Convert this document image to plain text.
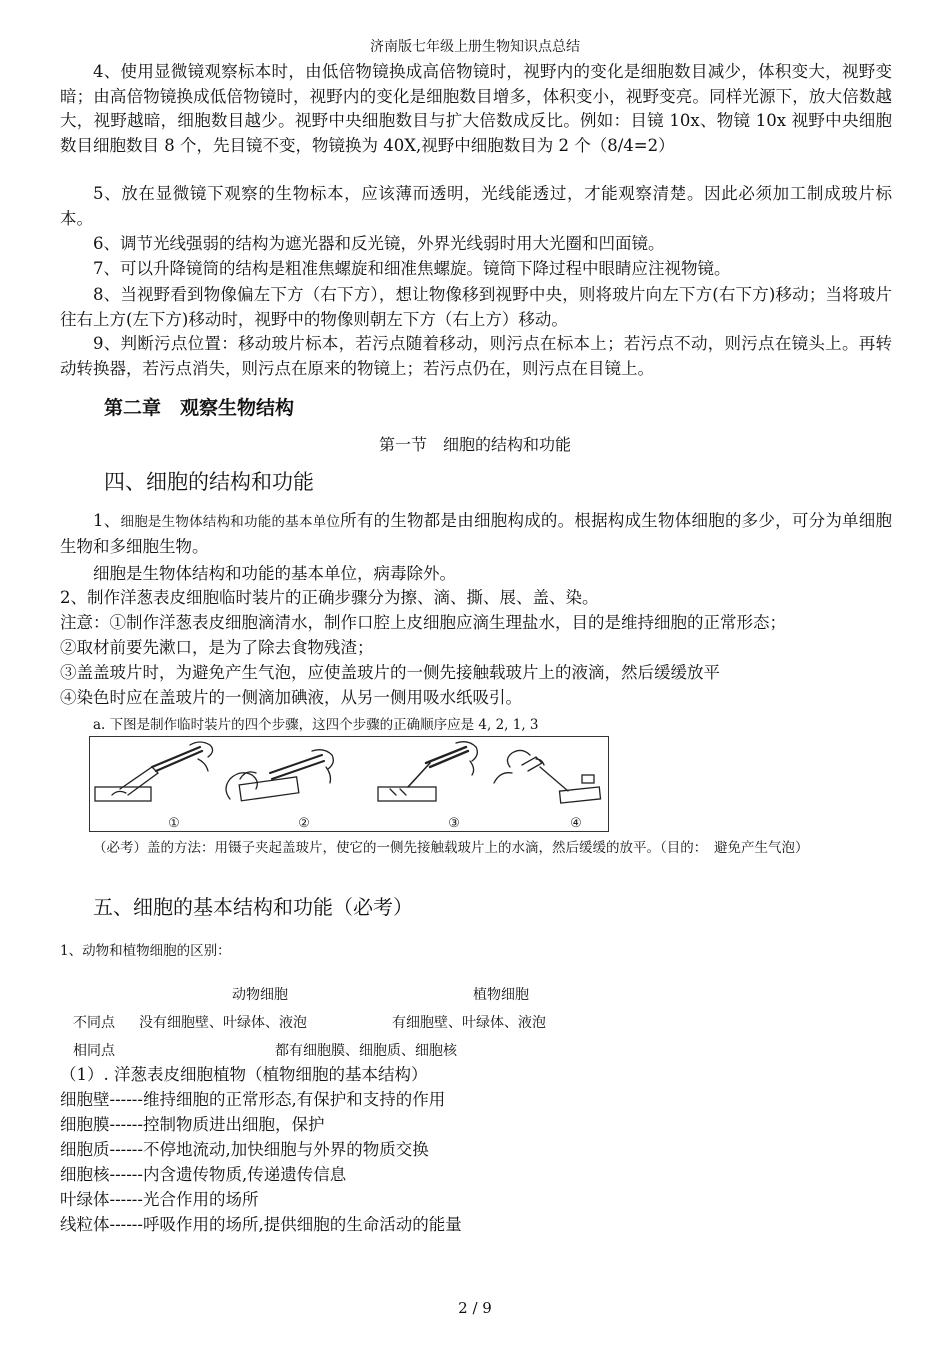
济南版七年级上册生物知识点总结

4、使用显微镜观察标本时，由低倍物镜换成高倍物镜时，视野内的变化是细胞数目减少，体积变大，视野变暗；由高倍物镜换成低倍物镜时，视野内的变化是细胞数目增多，体积变小，视野变亮。同样光源下，放大倍数越大，视野越暗，细胞数目越少。视野中央细胞数目与扩大倍数成反比。例如：目镜 10x、物镜 10x 视野中央细胞数目细胞数目 8 个，先目镜不变，物镜换为 40X,视野中细胞数目为 2 个（8/4=2）

5、放在显微镜下观察的生物标本，应该薄而透明，光线能透过，才能观察清楚。因此必须加工制成玻片标本。

6、调节光线强弱的结构为遮光器和反光镜，外界光线弱时用大光圈和凹面镜。

7、可以升降镜筒的结构是粗准焦螺旋和细准焦螺旋。镜筒下降过程中眼睛应注视物镜。

8、当视野看到物像偏左下方（右下方），想让物像移到视野中央，则将玻片向左下方(右下方)移动；当将玻片往右上方(左下方)移动时，视野中的物像则朝左下方（右上方）移动。

9、判断污点位置：移动玻片标本，若污点随着移动，则污点在标本上；若污点不动，则污点在镜头上。再转动转换器，若污点消失，则污点在原来的物镜上；若污点仍在，则污点在目镜上。

第二章　观察生物结构
第一节　细胞的结构和功能
四、细胞的结构和功能

1、细胞是生物体结构和功能的基本单位所有的生物都是由细胞构成的。根据构成生物体细胞的多少，可分为单细胞生物和多细胞生物。

细胞是生物体结构和功能的基本单位，病毒除外。
2、制作洋葱表皮细胞临时装片的正确步骤分为擦、滴、撕、展、盖、染。
注意：①制作洋葱表皮细胞滴清水，制作口腔上皮细胞应滴生理盐水，目的是维持细胞的正常形态；
②取材前要先漱口，是为了除去食物残渣；
③盖盖玻片时，为避免产生气泡，应使盖玻片的一侧先接触载玻片上的液滴，然后缓缓放平
④染色时应在盖玻片的一侧滴加碘液，从另一侧用吸水纸吸引。
a. 下图是制作临时装片的四个步骤，这四个步骤的正确顺序应是 4, 2, 1, 3
①	②	③	④

（必考）盖的方法：用镊子夹起盖玻片，使它的一侧先接触载玻片上的水滴，然后缓缓的放平。（目的：　避免产生气泡）

五、细胞的基本结构和功能（必考）
1、动物和植物细胞的区别：
动物细胞	植物细胞
不同点 没有细胞壁、叶绿体、液泡	有细胞壁、叶绿体、液泡
相同点	都有细胞膜、细胞质、细胞核
（1）. 洋葱表皮细胞植物（植物细胞的基本结构）
细胞壁------维持细胞的正常形态,有保护和支持的作用
细胞膜------控制物质进出细胞，保护
细胞质------不停地流动,加快细胞与外界的物质交换
细胞核------内含遗传物质,传递遗传信息
叶绿体------光合作用的场所
线粒体------呼吸作用的场所,提供细胞的生命活动的能量
2 / 9
